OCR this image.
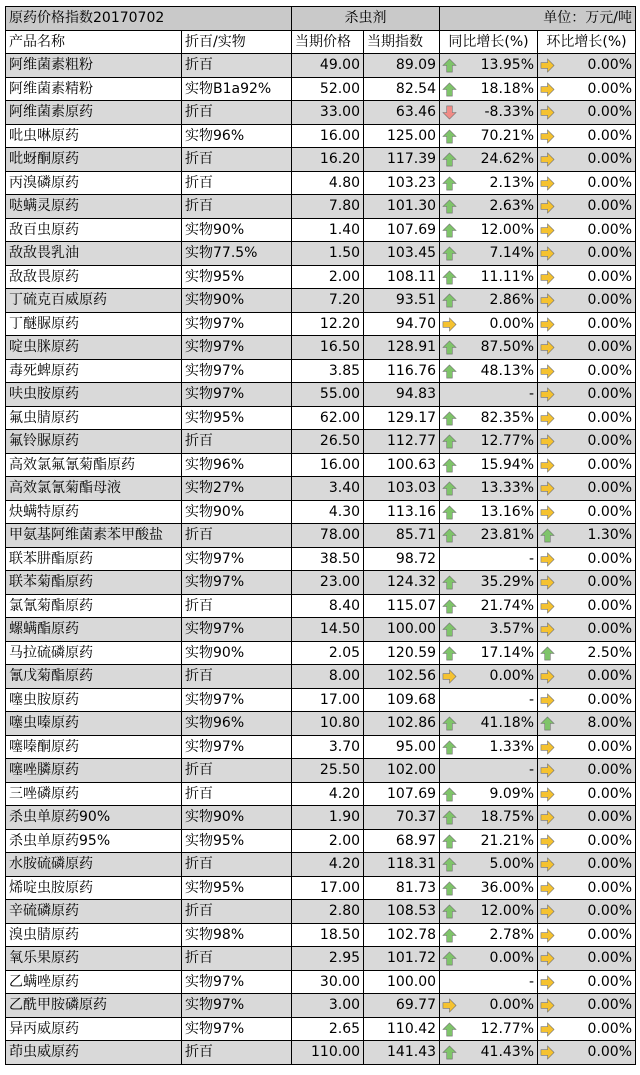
原药价格指数20170702		杀虫剂		单位：万元/吨	
产品名称	折百/实物	当期价格	当期指数	同比增长(%)	环比增长(%)
阿维菌素粗粉	折百	49.00	89.09	13.95%	0.00%
阿维菌素精粉	实物B1a92%	52.00	82.54	18.18%	0.00%
阿维菌素原药	折百	33.00	63.46	-8.33%	0.00%
吡虫啉原药	实物96%	16.00	125.00	70.21%	0.00%
吡蚜酮原药	折百	16.20	117.39	24.62%	0.00%
丙溴磷原药	折百	4.80	103.23	2.13%	0.00%
哒螨灵原药	折百	7.80	101.30	2.63%	0.00%
敌百虫原药	实物90%	1.40	107.69	12.00%	0.00%
敌敌畏乳油	实物77.5%	1.50	103.45	7.14%	0.00%
敌敌畏原药	实物95%	2.00	108.11	11.11%	0.00%
丁硫克百威原药	实物90%	7.20	93.51	2.86%	0.00%
丁醚脲原药	实物97%	12.20	94.70	0.00%	0.00%
啶虫脒原药	实物97%	16.50	128.91	87.50%	0.00%
毒死蜱原药	实物97%	3.85	116.76	48.13%	0.00%
呋虫胺原药	实物97%	55.00	94.83	-	0.00%
氟虫腈原药	实物95%	62.00	129.17	82.35%	0.00%
氟铃脲原药	折百	26.50	112.77	12.77%	0.00%
高效氯氟氰菊酯原药	实物96%	16.00	100.63	15.94%	0.00%
高效氯氰菊酯母液	实物27%	3.40	103.03	13.33%	0.00%
炔螨特原药	实物90%	4.30	113.16	13.16%	0.00%
甲氨基阿维菌素苯甲酸盐	折百	78.00	85.71	23.81%	1.30%
联苯肼酯原药	实物97%	38.50	98.72	-	0.00%
联苯菊酯原药	实物97%	23.00	124.32	35.29%	0.00%
氯氰菊酯原药	折百	8.40	115.07	21.74%	0.00%
螺螨酯原药	实物97%	14.50	100.00	3.57%	0.00%
马拉硫磷原药	实物90%	2.05	120.59	17.14%	2.50%
氰戊菊酯原药	折百	8.00	102.56	0.00%	0.00%
噻虫胺原药	实物97%	17.00	109.68	-	0.00%
噻虫嗪原药	实物96%	10.80	102.86	41.18%	8.00%
噻嗪酮原药	实物97%	3.70	95.00	1.33%	0.00%
噻唑膦原药	折百	25.50	102.00	-	0.00%
三唑磷原药	折百	4.20	107.69	9.09%	0.00%
杀虫单原药90%	实物90%	1.90	70.37	18.75%	0.00%
杀虫单原药95%	实物95%	2.00	68.97	21.21%	0.00%
水胺硫磷原药	折百	4.20	118.31	5.00%	0.00%
烯啶虫胺原药	实物95%	17.00	81.73	36.00%	0.00%
辛硫磷原药	折百	2.80	108.53	12.00%	0.00%
溴虫腈原药	实物98%	18.50	102.78	2.78%	0.00%
氧乐果原药	折百	2.95	101.72	0.00%	0.00%
乙螨唑原药	实物97%	30.00	100.00	-	0.00%
乙酰甲胺磷原药	实物97%	3.00	69.77	0.00%	0.00%
异丙威原药	实物97%	2.65	110.42	12.77%	0.00%
茚虫威原药	折百	110.00	141.43	41.43%	0.00%
